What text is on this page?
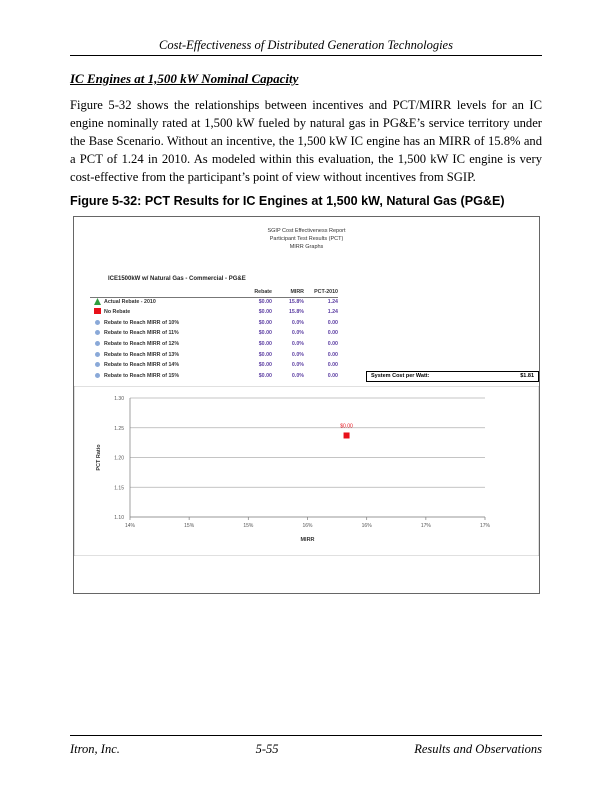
Cost-Effectiveness of Distributed Generation Technologies
IC Engines at 1,500 kW Nominal Capacity
Figure 5-32 shows the relationships between incentives and PCT/MIRR levels for an IC engine nominally rated at 1,500 kW fueled by natural gas in PG&E’s service territory under the Base Scenario. Without an incentive, the 1,500 kW IC engine has an MIRR of 15.8% and a PCT of 1.24 in 2010. As modeled within this evaluation, the 1,500 kW IC engine is very cost-effective from the participant’s point of view without incentives from SGIP.
Figure 5-32: PCT Results for IC Engines at 1,500 kW, Natural Gas (PG&E)
SGIP Cost Effectiveness Report
Participant Test Results (PCT)
MIRR Graphs
ICE1500kW w/ Natural Gas - Commercial - PG&E
Rebate	MIRR	PCT-2010
Actual Rebate - 2010	$0.00	15.8%	1.24
No Rebate	$0.00	15.8%	1.24
Rebate to Reach MIRR of 10%	$0.00	0.0%	0.00
Rebate to Reach MIRR of 11%	$0.00	0.0%	0.00
Rebate to Reach MIRR of 12%	$0.00	0.0%	0.00
Rebate to Reach MIRR of 13%	$0.00	0.0%	0.00
Rebate to Reach MIRR of 14%	$0.00	0.0%	0.00
Rebate to Reach MIRR of 15%	$0.00	0.0%	0.00	System Cost per Watt:	$1.81
1.10
1.15
1.20
1.25
1.30
14%	15%	15%	16%	16%	17%	17%
MIRR
PCT Ratio
$0.00
Itron, Inc.	5-55	Results and Observations
